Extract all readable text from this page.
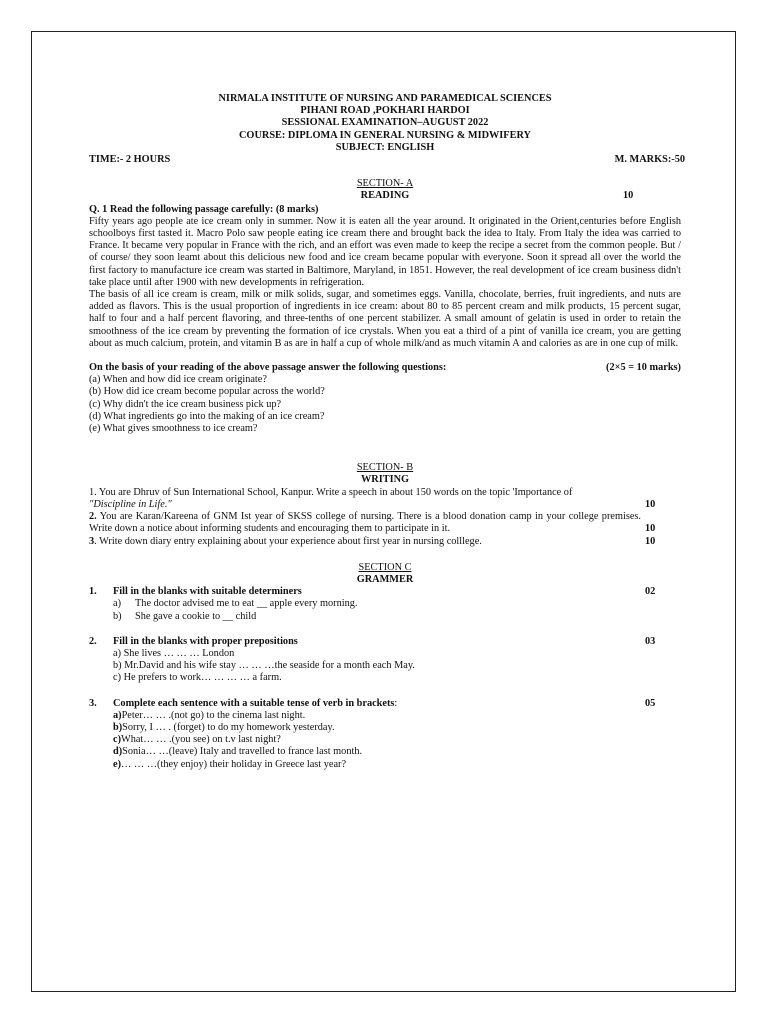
NIRMALA INSTITUTE OF NURSING AND PARAMEDICAL SCIENCES
PIHANI ROAD ,POKHARI HARDOI
SESSIONAL EXAMINATION–AUGUST 2022
COURSE: DIPLOMA IN GENERAL NURSING & MIDWIFERY
SUBJECT: ENGLISH
TIME:- 2 HOURS	M. MARKS:-50
SECTION- A
READING	10
Q. 1 Read the following passage carefully: (8 marks)

Fifty years ago people ate ice cream only in summer. Now it is eaten all the year around. It originated in the Orient,centuries before English schoolboys first tasted it. Macro Polo saw people eating ice cream there and brought back the idea to Italy. From Italy the idea was carried to France. It became very popular in France with the rich, and an effort was even made to keep the recipe a secret from the common people. But / of course/ they soon leamt about this delicious new food and ice cream became popular with everyone. Soon it spread all over the world the first factory to manufacture ice cream was started in Baltimore, Maryland, in 1851. However, the real development of ice cream business didn't take place until after 1900 with new developments in refrigeration.

The basis of all ice cream is cream, milk or milk solids, sugar, and sometimes eggs. Vanilla, chocolate, berries, fruit ingredients, and nuts are added as flavors. This is the usual proportion of ingredients in ice cream: about 80 to 85 percent cream and milk products, 15 percent sugar, half to four and a half percent flavoring, and three-tenths of one percent stabilizer. A small amount of gelatin is used in order to retain the smoothness of the ice cream by preventing the formation of ice crystals. When you eat a third of a pint of vanilla ice cream, you are getting about as much calcium, protein, and vitamin B as are in half a cup of whole milk/and as much vitamin A and calories as are in one cup of milk.

On the basis of your reading of the above passage answer the following questions:	(2×5 = 10 marks)
(a) When and how did ice cream originate?
(b) How did ice cream become popular across the world?
(c) Why didn't the ice cream business pick up?
(d) What ingredients go into the making of an ice cream?
(e) What gives smoothness to ice cream?
SECTION- B
WRITING
1. You are Dhruv of Sun International School, Kanpur. Write a speech in about 150 words on the topic 'Importance of
"Discipline in Life."	10

2. You are Karan/Kareena of GNM Ist year of SKSS college of nursing. There is a blood donation camp in your college premises. Write down a notice about informing students and encouraging them to participate in it.	10
3. Write down diary entry explaining about your experience about first year in nursing colllege.	10
SECTION C
GRAMMER
1. Fill in the blanks with suitable determiners	02
a)	The doctor advised me to eat __ apple every morning.
b)	She gave a cookie to __ child
2. Fill in the blanks with proper prepositions	03
a) She lives … … … London
b) Mr.David and his wife stay … … …the seaside for a month each May.
c) He prefers to work… … … … a farm.
3. Complete each sentence with a suitable tense of verb in brackets:	05
a)Peter… … .(not go) to the cinema last night.
b)Sorry, I … . (forget) to do my homework yesterday.
c)What… … .(you see) on t.v last night?
d)Sonia… …(leave) Italy and travelled to france last month.
e)… … …(they enjoy) their holiday in Greece last year?
